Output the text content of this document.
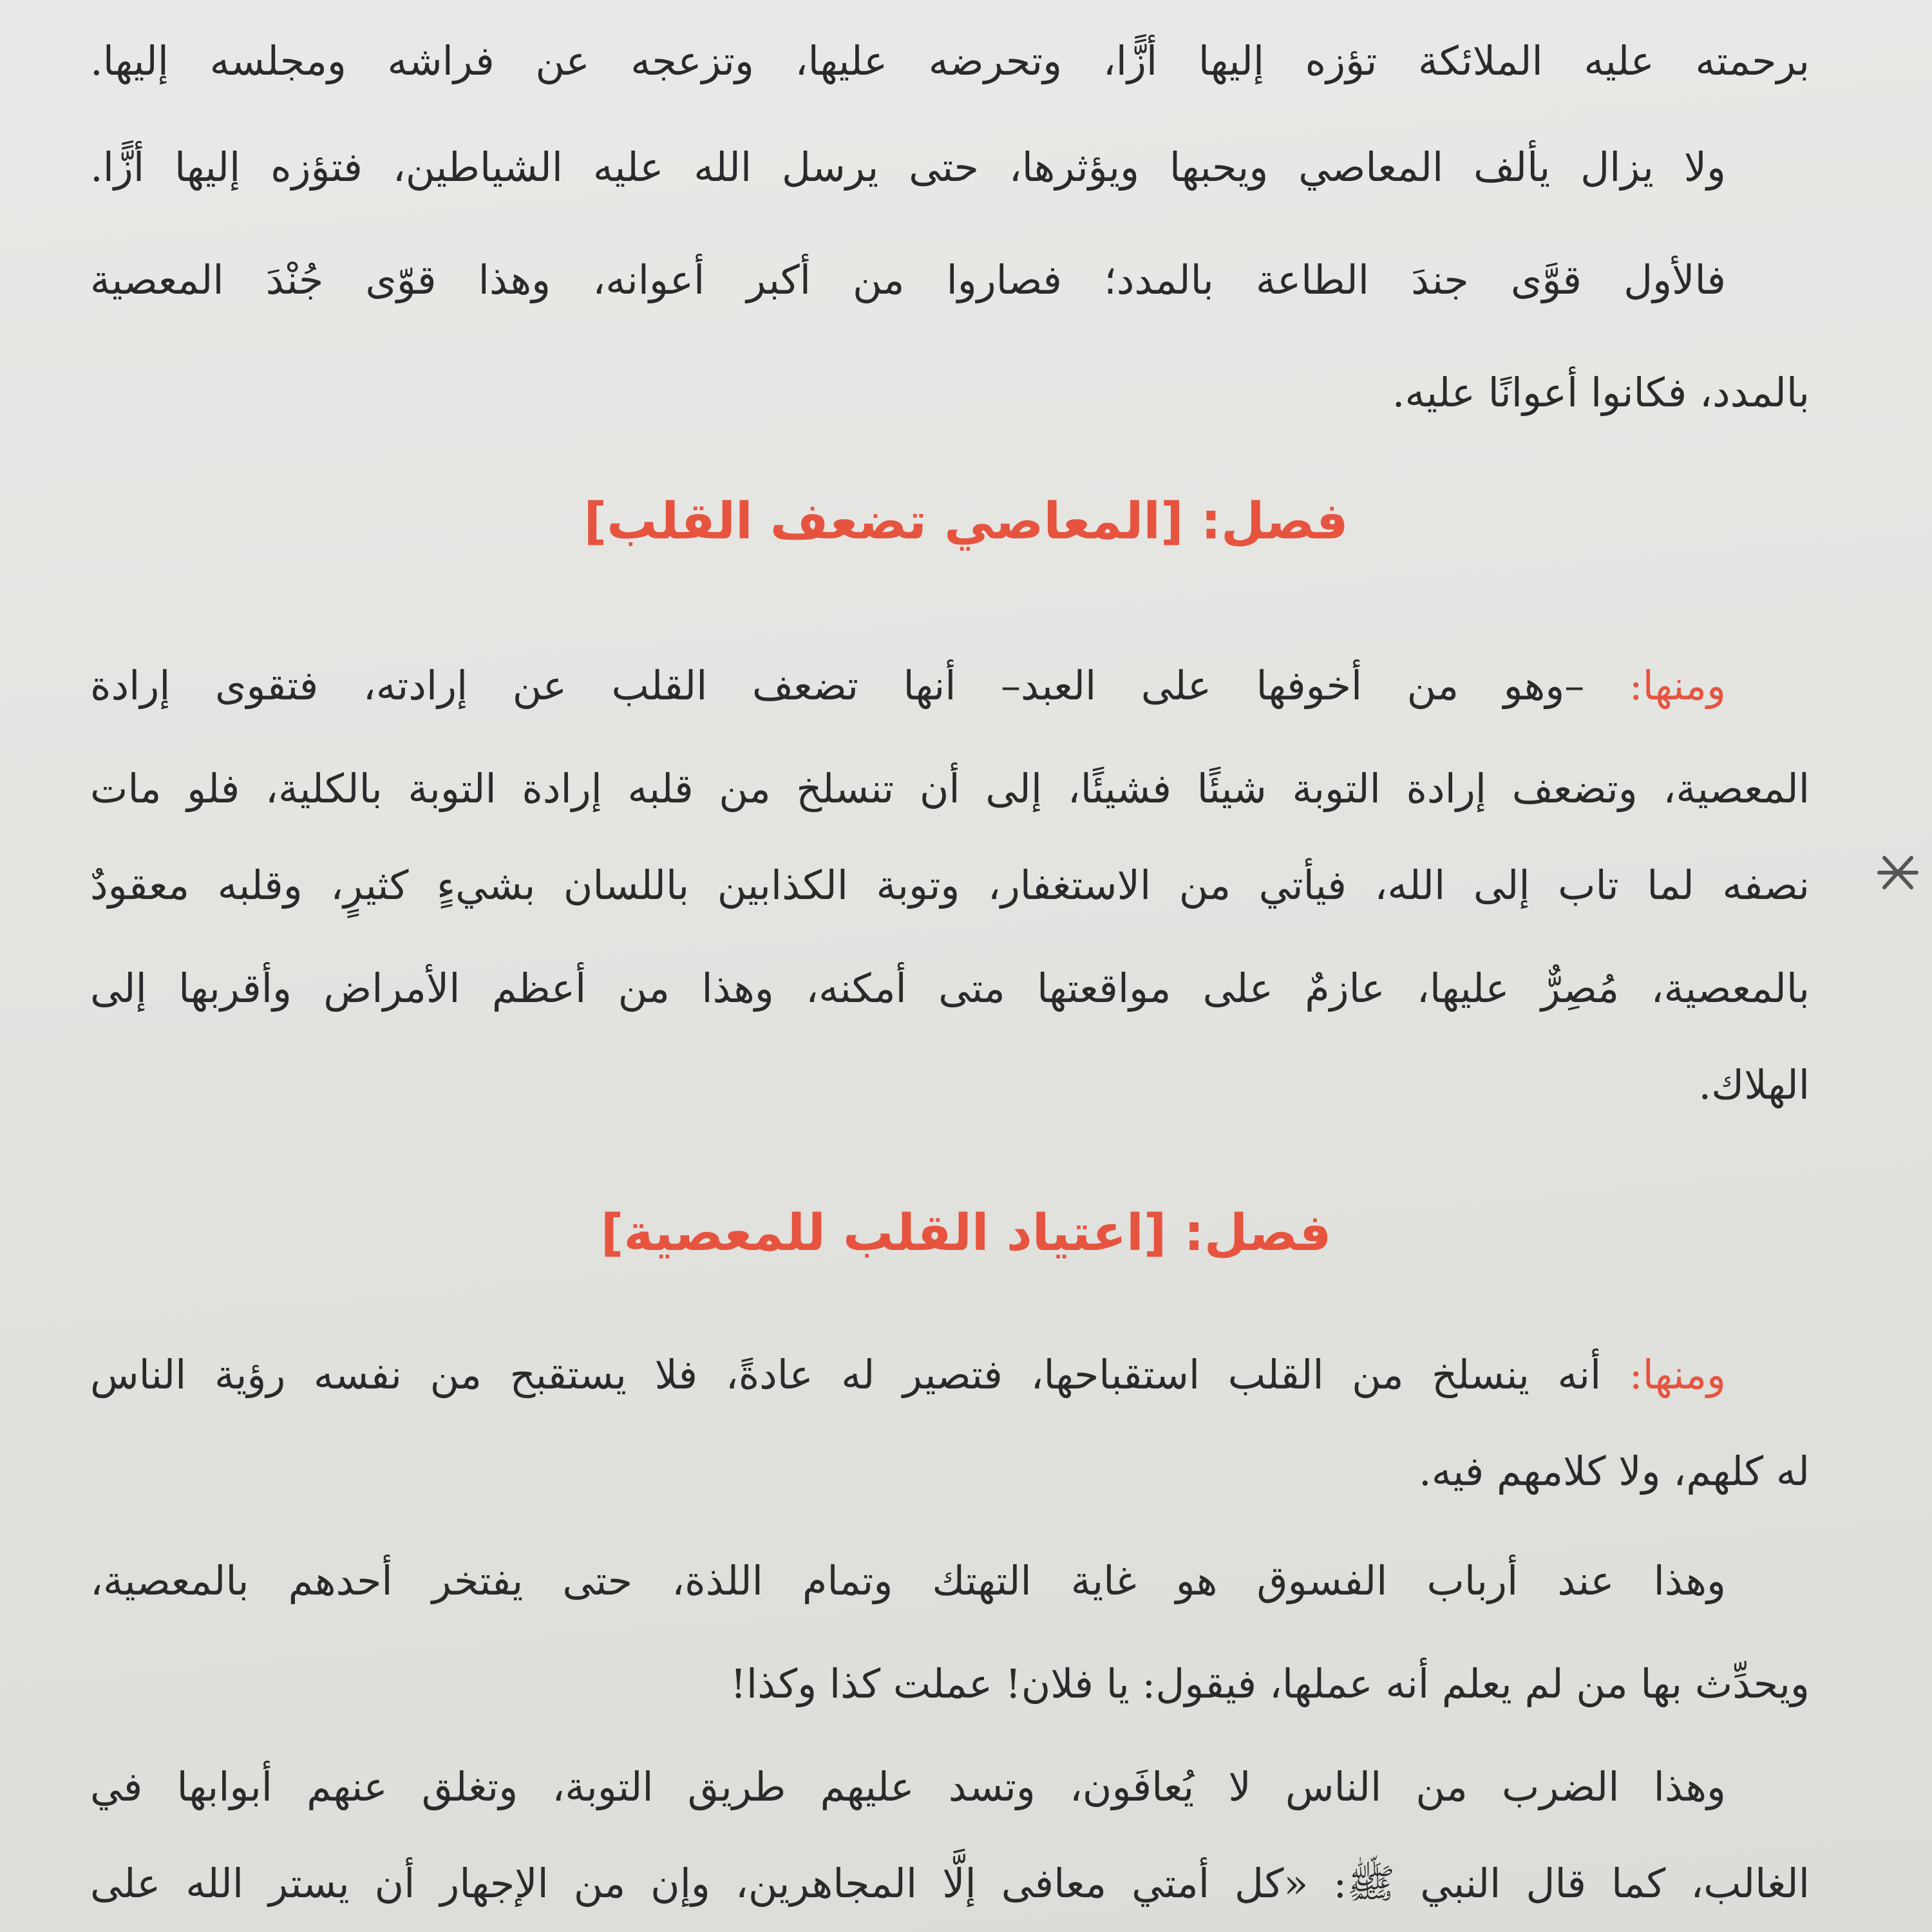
برحمته عليه الملائكة تؤزه إليها أزًّا، وتحرضه عليها، وتزعجه عن فراشه ومجلسه إليها.
ولا يزال يألف المعاصي ويحبها ويؤثرها، حتى يرسل الله عليه الشياطين، فتؤزه إليها أزًّا.
فالأول قوَّى جندَ الطاعة بالمدد؛ فصاروا من أكبر أعوانه، وهذا قوّى جُنْدَ المعصية
بالمدد، فكانوا أعوانًا عليه.
فصل: [المعاصي تضعف القلب]
ومنها: –وهو من أخوفها على العبد– أنها تضعف القلب عن إرادته، فتقوى إرادة
المعصية، وتضعف إرادة التوبة شيئًا فشيئًا، إلى أن تنسلخ من قلبه إرادة التوبة بالكلية، فلو مات
نصفه لما تاب إلى الله، فيأتي من الاستغفار، وتوبة الكذابين باللسان بشيءٍ كثيرٍ، وقلبه معقودٌ
بالمعصية، مُصِرٌّ عليها، عازمٌ على مواقعتها متى أمكنه، وهذا من أعظم الأمراض وأقربها إلى
الهلاك.
فصل: [اعتياد القلب للمعصية]
ومنها: أنه ينسلخ من القلب استقباحها، فتصير له عادةً، فلا يستقبح من نفسه رؤية الناس
له كلهم، ولا كلامهم فيه.
وهذا عند أرباب الفسوق هو غاية التهتك وتمام اللذة، حتى يفتخر أحدهم بالمعصية،
ويحدِّث بها من لم يعلم أنه عملها، فيقول: يا فلان! عملت كذا وكذا!
وهذا الضرب من الناس لا يُعافَون، وتسد عليهم طريق التوبة، وتغلق عنهم أبوابها في
الغالب، كما قال النبي ﷺ: «كل أمتي معافى إلَّا المجاهرين، وإن من الإجهار أن يستر الله على
